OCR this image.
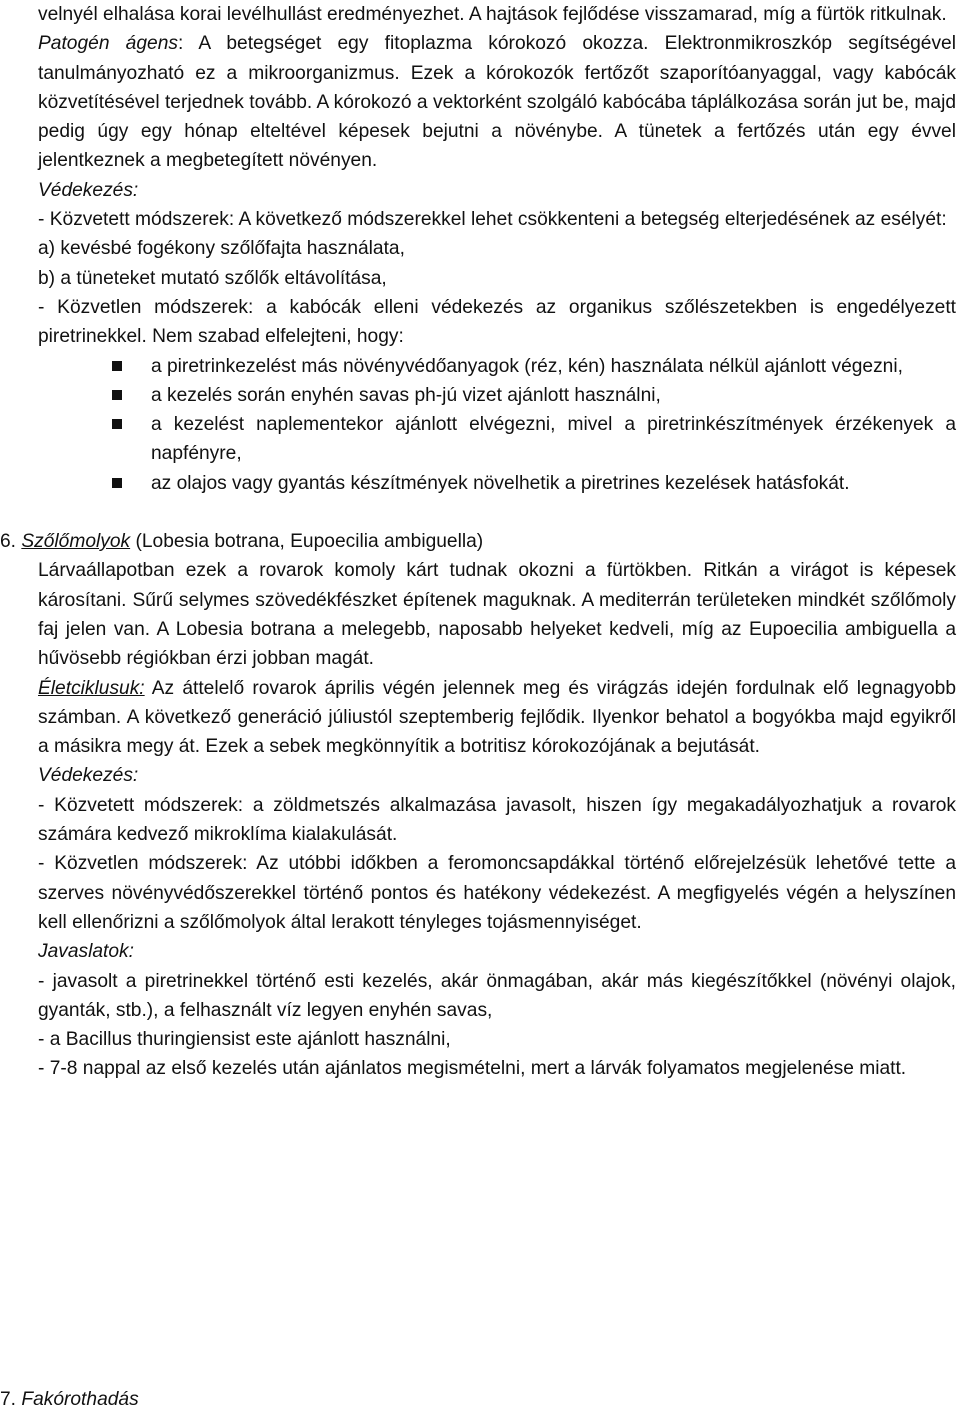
velnyél elhalása korai levélhullást eredményezhet. A hajtások fejlődése visszamarad, míg a fürtök ritkulnak.
Patogén ágens: A betegséget egy fitoplazma kórokozó okozza. Elektronmikroszkóp segítségével tanulmányozható ez a mikroorganizmus. Ezek a kórokozók fertőzőt szaporítóanyaggal, vagy kabócák közvetítésével terjednek tovább. A kórokozó a vektorként szolgáló kabócába táplálkozása során jut be, majd pedig úgy egy hónap elteltével képesek bejutni a növénybe. A tünetek a fertőzés után egy évvel jelentkeznek a megbetegített növényen.
Védekezés:
- Közvetett módszerek: A következő módszerekkel lehet csökkenteni a betegség elterjedésének az esélyét:
a) kevésbé fogékony szőlőfajta használata,
b) a tüneteket mutató szőlők eltávolítása,
- Közvetlen módszerek: a kabócák elleni védekezés az organikus szőlészetekben is engedélyezett piretrinekkel. Nem szabad elfelejteni, hogy:
a piretrinkezelést más növényvédőanyagok (réz, kén) használata nélkül ajánlott végezni,
a kezelés során enyhén savas ph-jú vizet ajánlott használni,
a kezelést naplementekor ajánlott elvégezni, mivel a piretrinkészítmények érzékenyek a napfényre,
az olajos vagy gyantás készítmények növelhetik a piretrines kezelések hatásfokát.
6. Szőlőmolyok (Lobesia botrana, Eupoecilia ambiguella)
Lárvaállapotban ezek a rovarok komoly kárt tudnak okozni a fürtökben. Ritkán a virágot is képesek károsítani. Sűrű selymes szövedékfészket építenek maguknak. A mediterrán területeken mindkét szőlőmoly faj jelen van. A Lobesia botrana a melegebb, naposabb helyeket kedveli, míg az Eupoecilia ambiguella a hűvösebb régiókban érzi jobban magát.
Életciklusuk: Az áttelelő rovarok április végén jelennek meg és virágzás idején fordulnak elő legnagyobb számban. A következő generáció júliustól szeptemberig fejlődik. Ilyenkor behatol a bogyókba majd egyikről a másikra megy át. Ezek a sebek megkönnyítik a botritisz kórokozójának a bejutását.
Védekezés:
- Közvetett módszerek: a zöldmetszés alkalmazása javasolt, hiszen így megakadályozhatjuk a rovarok számára kedvező mikroklíma kialakulását.
- Közvetlen módszerek: Az utóbbi időkben a feromoncsapdákkal történő előrejelzésük lehetővé tette a szerves növényvédőszerekkel történő pontos és hatékony védekezést. A megfigyelés végén a helyszínen kell ellenőrizni a szőlőmolyok által lerakott tényleges tojásmennyiséget.
Javaslatok:
- javasolt a piretrinekkel történő esti kezelés, akár önmagában, akár más kiegészítőkkel (növényi olajok, gyanták, stb.), a felhasznált víz legyen enyhén savas,
- a Bacillus thuringiensist este ajánlott használni,
- 7-8 nappal az első kezelés után ajánlatos megismételni, mert a lárvák folyamatos megjelenése miatt.
7. Fakórothadás
